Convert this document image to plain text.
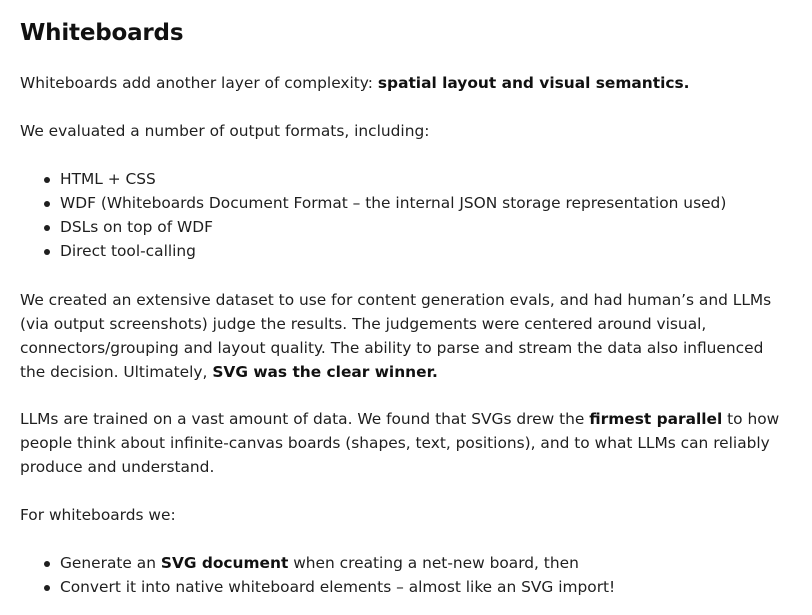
Whiteboards

Whiteboards add another layer of complexity: spatial layout and visual semantics.

We evaluated a number of output formats, including:

HTML + CSS
WDF (Whiteboards Document Format – the internal JSON storage representation used)
DSLs on top of WDF
Direct tool-calling

We created an extensive dataset to use for content generation evals, and had human’s and LLMs (via output screenshots) judge the results. The judgements were centered around visual, connectors/grouping and layout quality. The ability to parse and stream the data also influenced the decision. Ultimately, SVG was the clear winner.

LLMs are trained on a vast amount of data. We found that SVGs drew the firmest parallel to how people think about infinite-canvas boards (shapes, text, positions), and to what LLMs can reliably produce and understand.

For whiteboards we:

Generate an SVG document when creating a net-new board, then
Convert it into native whiteboard elements – almost like an SVG import!
